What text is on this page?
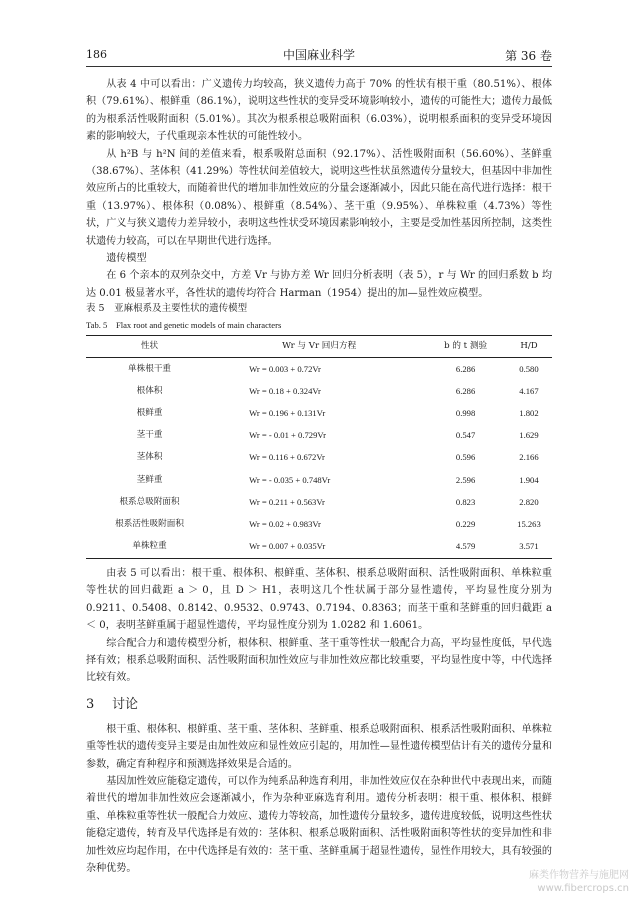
186	中国麻业科学	第 36 卷

从表 4 中可以看出：广义遗传力均较高，狭义遗传力高于 70% 的性状有根干重（80.51%）、根体积（79.61%）、根鲜重（86.1%），说明这些性状的变异受环境影响较小，遗传的可能性大；遗传力最低的为根系活性吸附面积（5.01%）。其次为根系根总吸附面积（6.03%），说明根系面积的变异受环境因素的影响较大，子代重现亲本性状的可能性较小。

从 h²B 与 h²N 间的差值来看，根系吸附总面积（92.17%）、活性吸附面积（56.60%）、茎鲜重（38.67%）、茎体积（41.29%）等性状间差值较大，说明这些性状虽然遗传分量较大，但基因中非加性效应所占的比重较大，而随着世代的增加非加性效应的分量会逐渐减小，因此只能在高代进行选择：根干重（13.97%）、根体积（0.08%）、根鲜重（8.54%）、茎干重（9.95%）、单株粒重（4.73%）等性状，广义与狭义遗传力差异较小，表明这些性状受环境因素影响较小，主要是受加性基因所控制，这类性状遗传力较高，可以在早期世代进行选择。

遗传模型

在 6 个亲本的双列杂交中，方差 Vr 与协方差 Wr 回归分析表明（表 5），r 与 Wr 的回归系数 b 均达 0.01 极显著水平，各性状的遗传均符合 Harman（1954）提出的加—显性效应模型。

表 5　亚麻根系及主要性状的遗传模型
Tab. 5　Flax root and genetic models of main characters
性状	Wr 与 Vr 回归方程	b 的 t 测验	H/D
单株根干重	Wr = 0.003 + 0.72Vr	6.286	0.580
根体积	Wr = 0.18 + 0.324Vr	6.286	4.167
根鲜重	Wr = 0.196 + 0.131Vr	0.998	1.802
茎干重	Wr = - 0.01 + 0.729Vr	0.547	1.629
茎体积	Wr = 0.116 + 0.672Vr	0.596	2.166
茎鲜重	Wr = - 0.035 + 0.748Vr	2.596	1.904
根系总吸附面积	Wr = 0.211 + 0.563Vr	0.823	2.820
根系活性吸附面积	Wr = 0.02 + 0.983Vr	0.229	15.263
单株粒重	Wr = 0.007 + 0.035Vr	4.579	3.571

由表 5 可以看出：根干重、根体积、根鲜重、茎体积、根系总吸附面积、活性吸附面积、单株粒重等性状的回归截距 a ＞ 0，且 D ＞ H1，表明这几个性状属于部分显性遗传，平均显性度分别为 0.9211、0.5408、0.8142、0.9532、0.9743、0.7194、0.8363；而茎干重和茎鲜重的回归截距 a ＜ 0，表明茎鲜重属于超显性遗传，平均显性度分别为 1.0282 和 1.6061。

综合配合力和遗传模型分析，根体积、根鲜重、茎干重等性状一般配合力高，平均显性度低，早代选择有效；根系总吸附面积、活性吸附面积加性效应与非加性效应都比较重要，平均显性度中等，中代选择比较有效。

3 讨论

根干重、根体积、根鲜重、茎干重、茎体积、茎鲜重、根系总吸附面积、根系活性吸附面积、单株粒重等性状的遗传变异主要是由加性效应和显性效应引起的，用加性—显性遗传模型估计有关的遗传分量和参数，确定育种程序和预测选择效果是合适的。

基因加性效应能稳定遗传，可以作为纯系品种选育利用，非加性效应仅在杂种世代中表现出来，而随着世代的增加非加性效应会逐渐减小，作为杂种亚麻选育利用。遗传分析表明：根干重、根体积、根鲜重、单株粒重等性状一般配合力效应、遗传力等较高，加性遗传分量较多，遗传进度较低，说明这些性状能稳定遗传，转育及早代选择是有效的：茎体积、根系总吸附面积、活性吸附面积等性状的变异加性和非加性效应均起作用，在中代选择是有效的：茎干重、茎鲜重属于超显性遗传，显性作用较大，具有较强的杂种优势。

麻类作物营养与施肥网
www.fibercrops.cn
